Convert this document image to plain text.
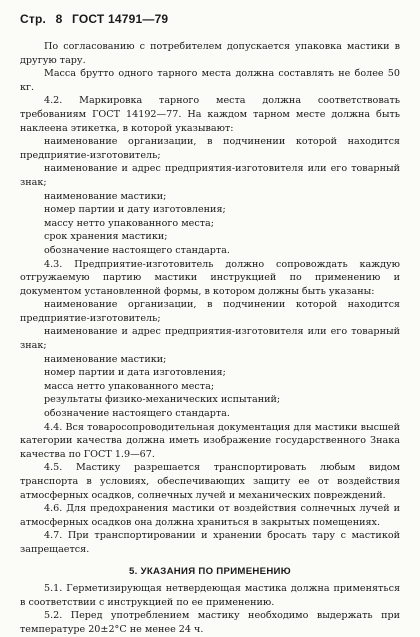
Стр. 8 ГОСТ 14791—79

По согласованию с потребителем допускается упаковка мастики в другую тару.

Масса брутто одного тарного места должна составлять не более 50 кг.

4.2. Маркировка тарного места должна соответствовать требованиям ГОСТ 14192—77. На каждом тарном месте должна быть наклеена этикетка, в которой указывают:

наименование организации, в подчинении которой находится предприятие-изготовитель;

наименование и адрес предприятия-изготовителя или его товарный знак;

наименование мастики;

номер партии и дату изготовления;

массу нетто упакованного места;

срок хранения мастики;

обозначение настоящего стандарта.

4.3. Предприятие-изготовитель должно сопровождать каждую отгружаемую партию мастики инструкцией по применению и документом установленной формы, в котором должны быть указаны:

наименование организации, в подчинении которой находится предприятие-изготовитель;

наименование и адрес предприятия-изготовителя или его товарный знак;

наименование мастики;

номер партии и дата изготовления;

масса нетто упакованного места;

результаты физико-механических испытаний;

обозначение настоящего стандарта.

4.4. Вся товаросопроводительная документация для мастики высшей категории качества должна иметь изображение государственного Знака качества по ГОСТ 1.9—67.

4.5. Мастику разрешается транспортировать любым видом транспорта в условиях, обеспечивающих защиту ее от воздействия атмосферных осадков, солнечных лучей и механических повреждений.

4.6. Для предохранения мастики от воздействия солнечных лучей и атмосферных осадков она должна храниться в закрытых помещениях.

4.7. При транспортировании и хранении бросать тару с мастикой запрещается.

5. УКАЗАНИЯ ПО ПРИМЕНЕНИЮ

5.1. Герметизирующая нетвердеющая мастика должна применяться в соответствии с инструкцией по ее применению.

5.2. Перед употреблением мастику необходимо выдержать при температуре 20±2°С не менее 24 ч.
